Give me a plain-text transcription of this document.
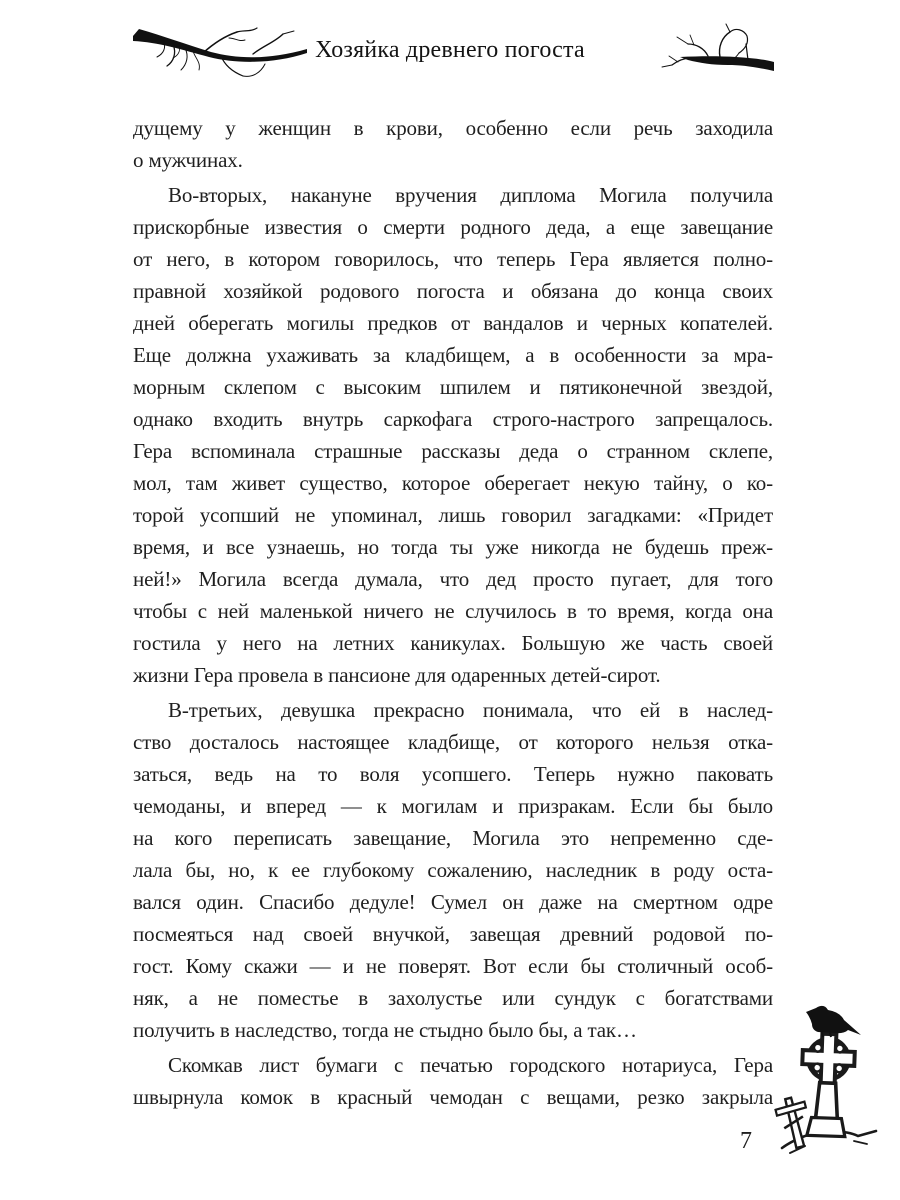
Хозяйка древнего погоста
дущему у женщин в крови, особенно если речь заходила
о мужчинах.
Во-вторых, накануне вручения диплома Могила получила
прискорбные известия о смерти родного деда, а еще завещание
от него, в котором говорилось, что теперь Гера является полно-
правной хозяйкой родового погоста и обязана до конца своих
дней оберегать могилы предков от вандалов и черных копателей.
Еще должна ухаживать за кладбищем, а в особенности за мра-
морным склепом с высоким шпилем и пятиконечной звездой,
однако входить внутрь саркофага строго-настрого запрещалось.
Гера вспоминала страшные рассказы деда о странном склепе,
мол, там живет существо, которое оберегает некую тайну, о ко-
торой усопший не упоминал, лишь говорил загадками: «Придет
время, и все узнаешь, но тогда ты уже никогда не будешь преж-
ней!» Могила всегда думала, что дед просто пугает, для того
чтобы с ней маленькой ничего не случилось в то время, когда она
гостила у него на летних каникулах. Большую же часть своей
жизни Гера провела в пансионе для одаренных детей-сирот.
В-третьих, девушка прекрасно понимала, что ей в наслед-
ство досталось настоящее кладбище, от которого нельзя отка-
заться, ведь на то воля усопшего. Теперь нужно паковать
чемоданы, и вперед — к могилам и призракам. Если бы было
на кого переписать завещание, Могила это непременно сде-
лала бы, но, к ее глубокому сожалению, наследник в роду оста-
вался один. Спасибо дедуле! Сумел он даже на смертном одре
посмеяться над своей внучкой, завещая древний родовой по-
гост. Кому скажи — и не поверят. Вот если бы столичный особ-
няк, а не поместье в захолустье или сундук с богатствами
получить в наследство, тогда не стыдно было бы, а так…
Скомкав лист бумаги с печатью городского нотариуса, Гера
швырнула комок в красный чемодан с вещами, резко закрыла
7
